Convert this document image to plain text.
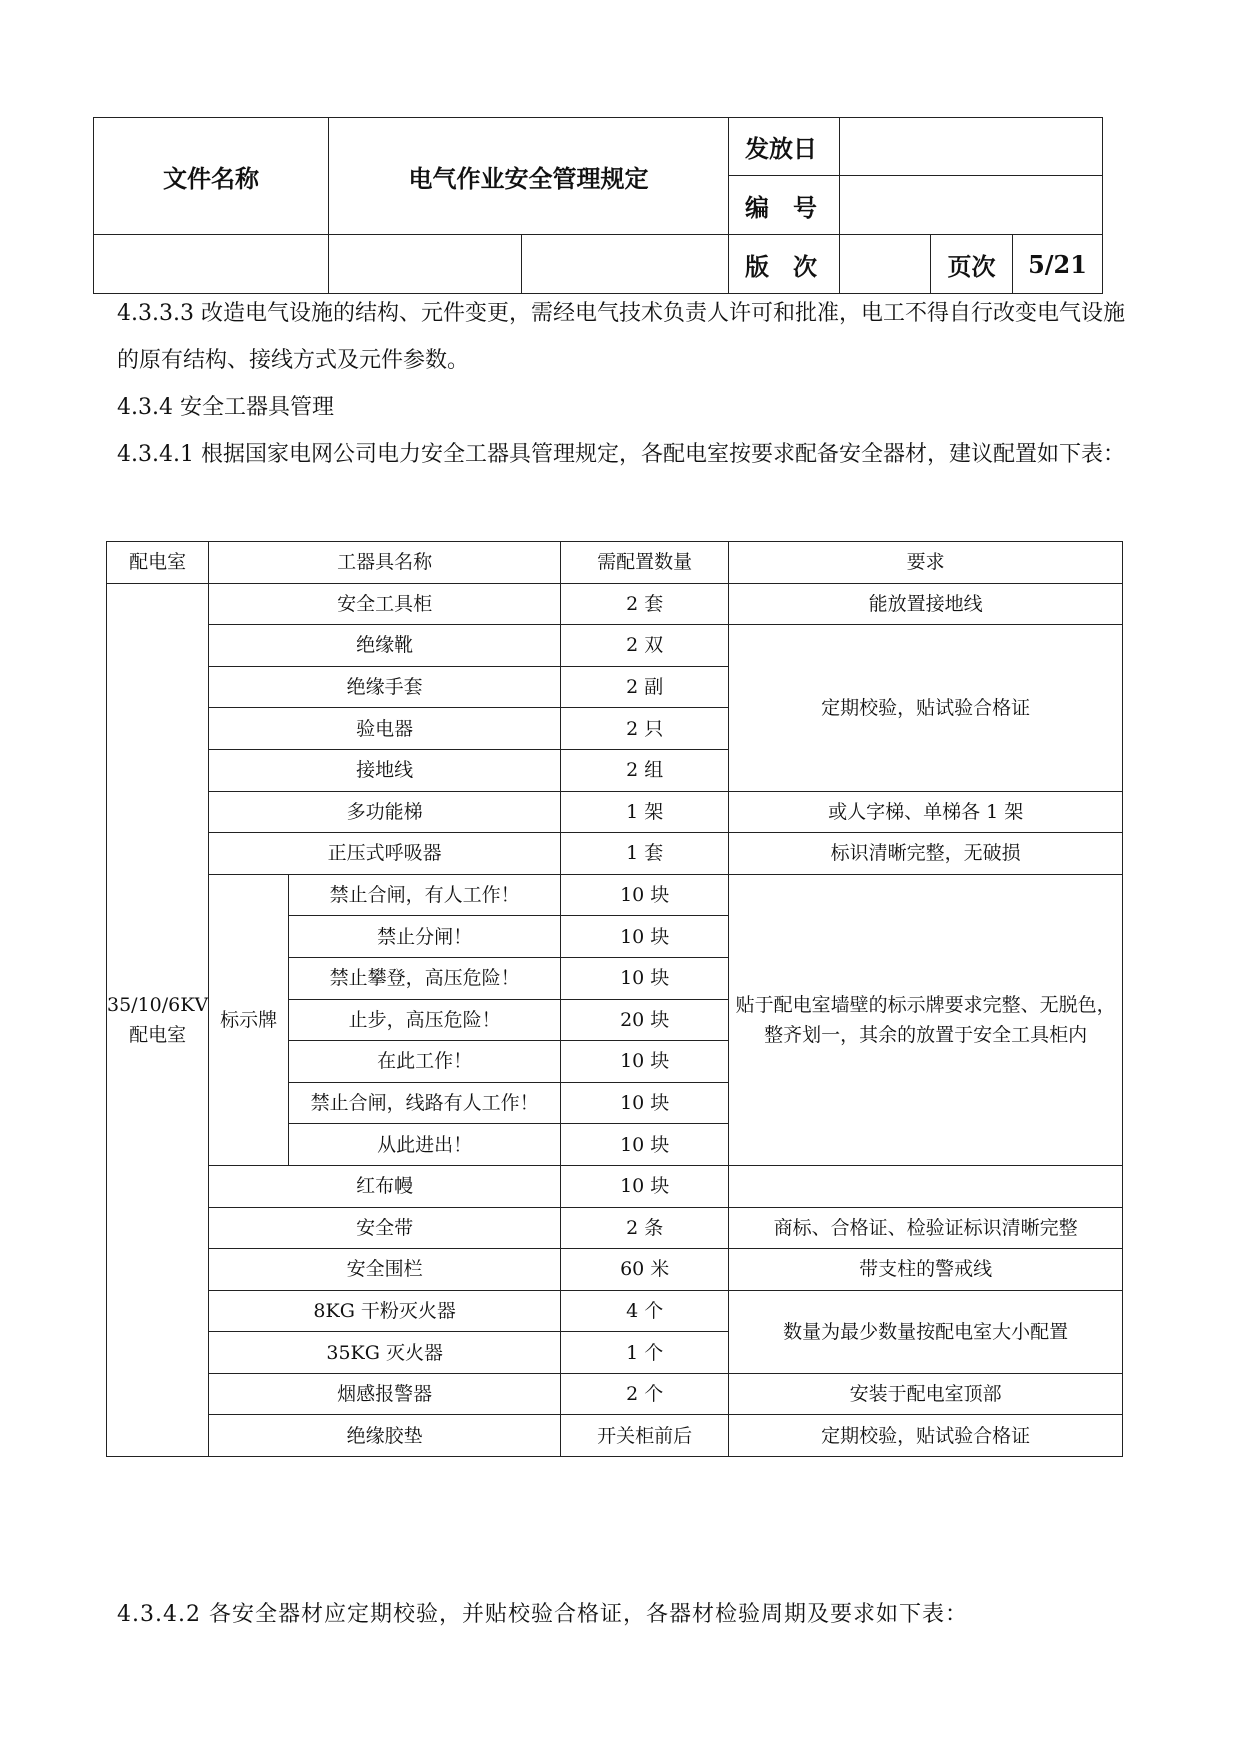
文件名称	电气作业安全管理规定		发放日			
			编　号			
			版　次		页次	5/21

4.3.3.3 改造电气设施的结构、元件变更，需经电气技术负责人许可和批准，电工不得自行改变电气设施的原有结构、接线方式及元件参数。

4.3.4 安全工器具管理

4.3.4.1 根据国家电网公司电力安全工器具管理规定，各配电室按要求配备安全器材，建议配置如下表：

配电室	工器具名称		需配置数量	要求
35/10/6KV 配电室	安全工具柜		2 套	能放置接地线
	绝缘靴		2 双	定期校验，贴试验合格证
	绝缘手套		2 副	
	验电器		2 只	
	接地线		2 组	
	多功能梯		1 架	或人字梯、单梯各 1 架
	正压式呼吸器		1 套	标识清晰完整，无破损
	标示牌	禁止合闸，有人工作！	10 块	贴于配电室墙壁的标示牌要求完整、无脱色，整齐划一，其余的放置于安全工具柜内
		禁止分闸！	10 块	
		禁止攀登，高压危险！	10 块	
		止步，高压危险！	20 块	
		在此工作！	10 块	
		禁止合闸，线路有人工作！	10 块	
		从此进出！	10 块	
	红布幔		10 块	
	安全带		2 条	商标、合格证、检验证标识清晰完整
	安全围栏		60 米	带支柱的警戒线
	8KG 干粉灭火器		4 个	数量为最少数量按配电室大小配置
	35KG 灭火器		1 个	
	烟感报警器		2 个	安装于配电室顶部
	绝缘胶垫		开关柜前后	定期校验，贴试验合格证

4.3.4.2 各安全器材应定期校验，并贴校验合格证，各器材检验周期及要求如下表：
